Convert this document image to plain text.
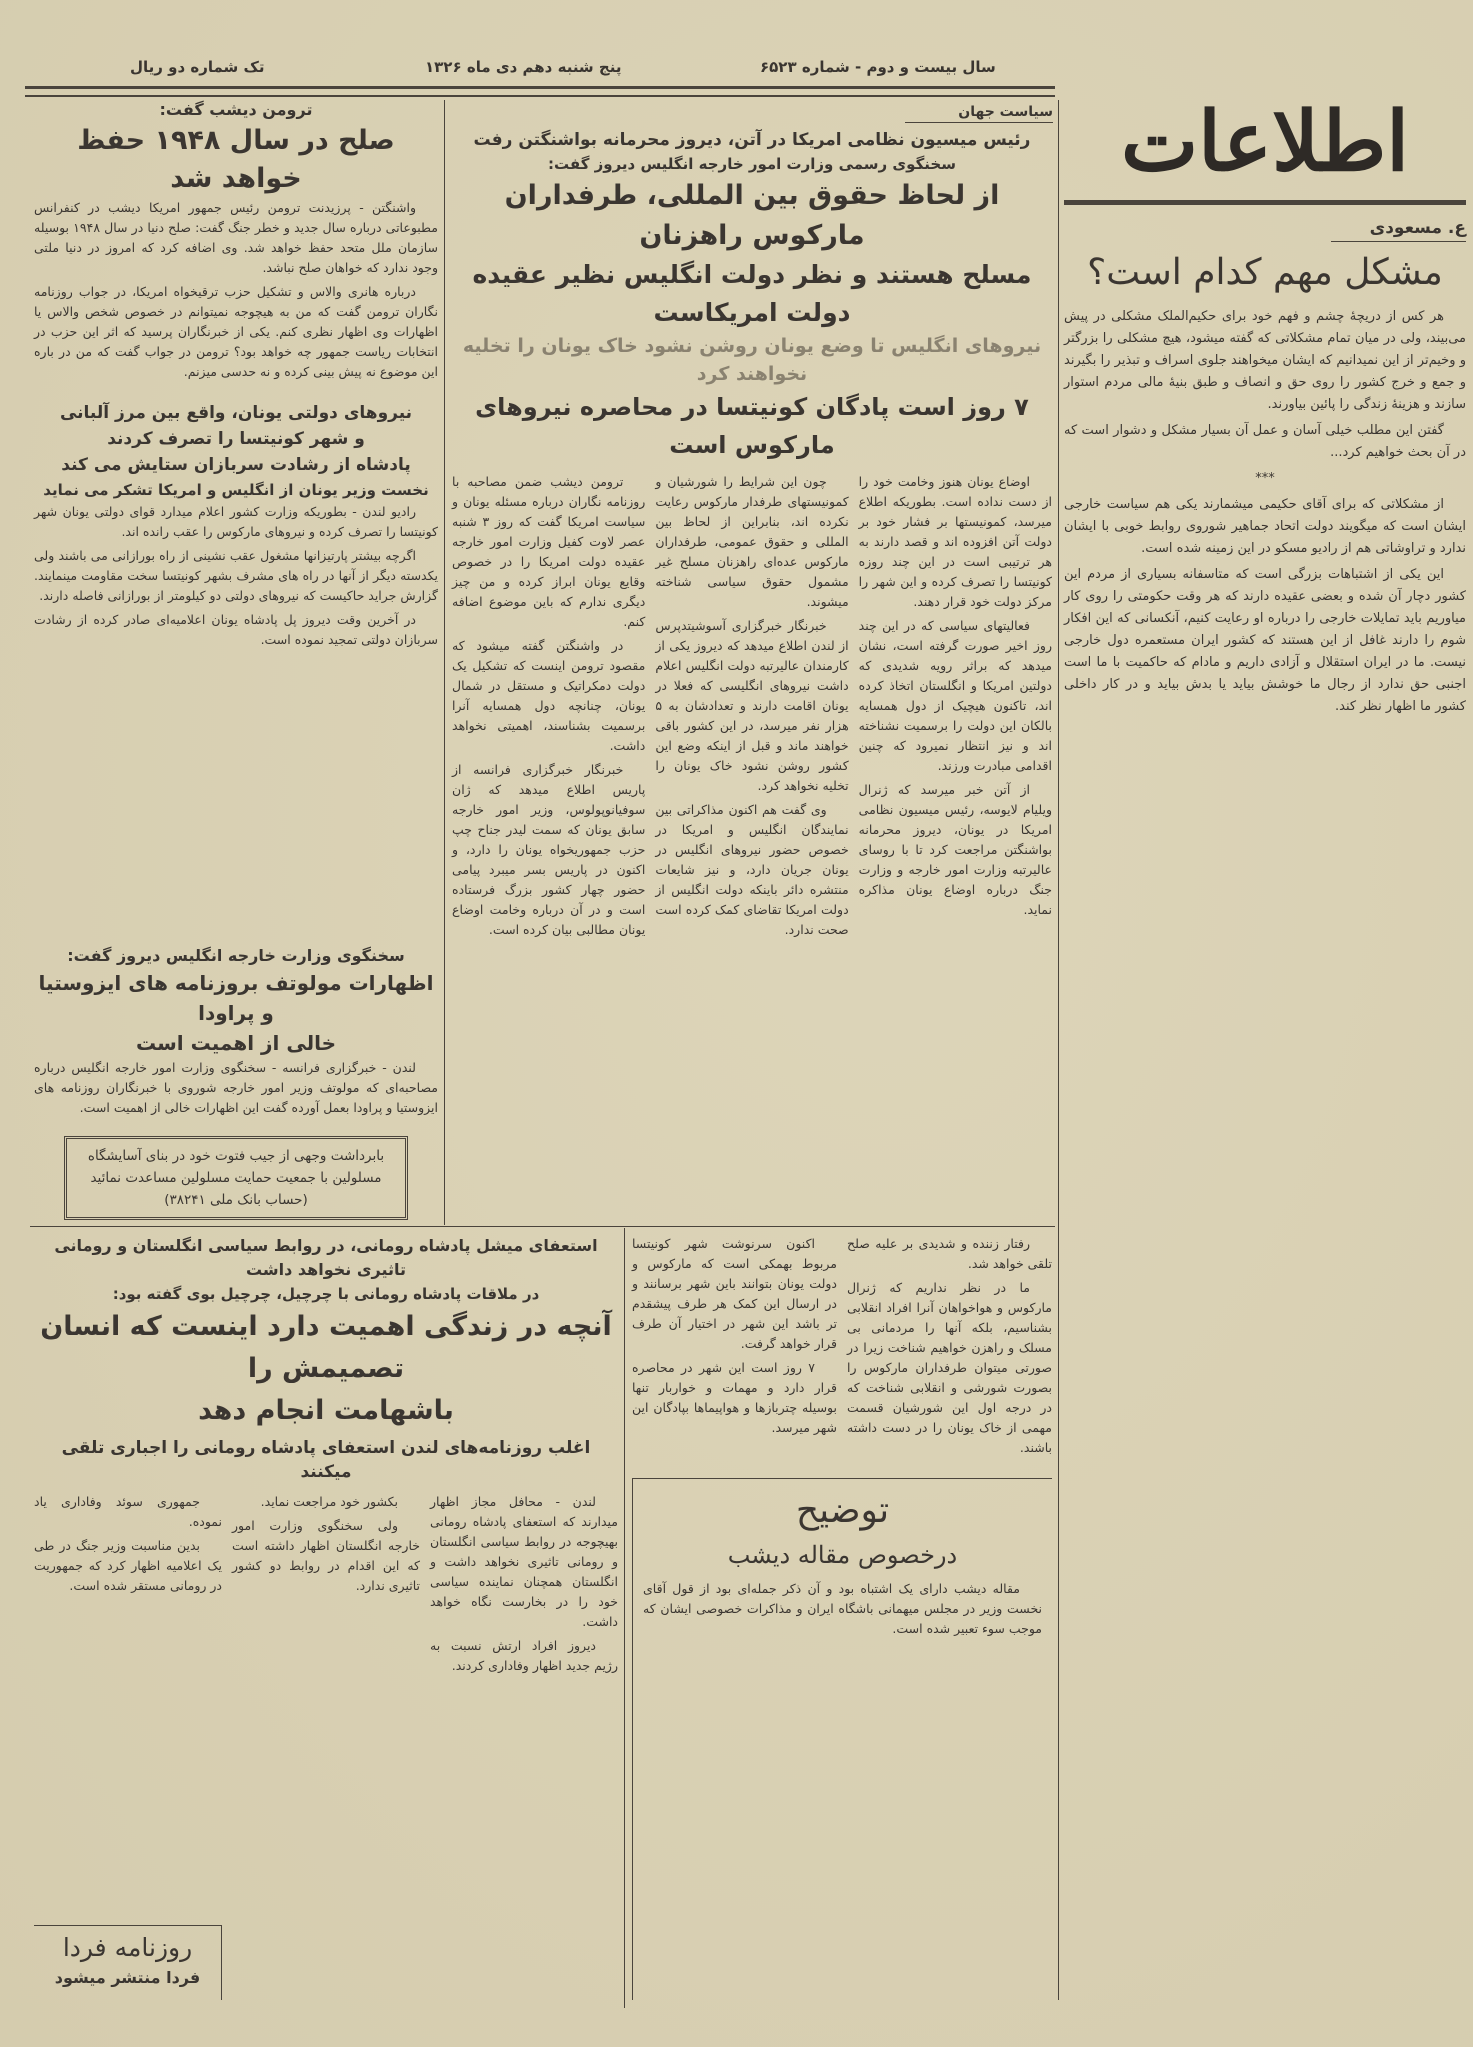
تک شماره دو ریال	پنج شنبه دهم دی ماه ۱۳۲۶	سال بیست و دوم - شماره ۶۵۲۳
اطلاعات
ع. مسعودی
مشکل مهم کدام است؟

هر کس از دریچهٔ چشم و فهم خود برای حکیم‌الملک مشکلی در پیش می‌بیند، ولی در میان تمام مشکلاتی که گفته میشود، هیچ مشکلی را بزرگتر و وخیم‌تر از این نمیدانیم که ایشان میخواهند جلوی اسراف و تبذیر را بگیرند و جمع و خرج کشور را روی حق و انصاف و طبق بنیهٔ مالی مردم استوار سازند و هزینهٔ زندگی را پائین بیاورند.

گفتن این مطلب خیلی آسان و عمل آن بسیار مشکل و دشوار است که در آن بحث خواهیم کرد...

***

از مشکلاتی که برای آقای حکیمی میشمارند یکی هم سیاست خارجی ایشان است که میگویند دولت اتحاد جماهیر شوروی روابط خوبی با ایشان ندارد و تراوشاتی هم از رادیو مسکو در این زمینه شده است.

این یکی از اشتباهات بزرگی است که متاسفانه بسیاری از مردم این کشور دچار آن شده و بعضی عقیده دارند که هر وقت حکومتی را روی کار میاوریم باید تمایلات خارجی را درباره او رعایت کنیم، آنکسانی که این افکار شوم را دارند غافل از این هستند که کشور ایران مستعمره دول خارجی نیست. ما در ایران استقلال و آزادی داریم و مادام که حاکمیت با ما است اجنبی حق ندارد از رجال ما خوشش بیاید یا بدش بیاید و در کار داخلی کشور ما اظهار نظر کند.

ترومن دیشب گفت:
صلح در سال ۱۹۴۸ حفظ خواهد شد

واشنگتن - پرزیدنت ترومن رئیس جمهور امریکا دیشب در کنفرانس مطبوعاتی درباره سال جدید و خطر جنگ گفت: صلح دنیا در سال ۱۹۴۸ بوسیله سازمان ملل متحد حفظ خواهد شد. وی اضافه کرد که امروز در دنیا ملتی وجود ندارد که خواهان صلح نباشد.

درباره هانری والاس و تشکیل حزب ترقیخواه امریکا، در جواب روزنامه نگاران ترومن گفت که من به هیچوجه نمیتوانم در خصوص شخص والاس یا اظهارات وی اظهار نظری کنم. یکی از خبرنگاران پرسید که اثر این حزب در انتخابات ریاست جمهور چه خواهد بود؟ ترومن در جواب گفت که من در باره این موضوع نه پیش بینی کرده و نه حدسی میزنم.

نیروهای دولتی یونان، واقع بین مرز آلبانی
و شهر کونیتسا را تصرف کردند
پادشاه از رشادت سربازان ستایش می کند
نخست وزیر یونان از انگلیس و امریکا تشکر می نماید

رادیو لندن - بطوریکه وزارت کشور اعلام میدارد قوای دولتی یونان شهر کونیتسا را تصرف کرده و نیروهای مارکوس را عقب رانده اند.

اگرچه بیشتر پارتیزانها مشغول عقب نشینی از راه بورازانی می باشند ولی یکدسته دیگر از آنها در راه های مشرف بشهر کونیتسا سخت مقاومت مینمایند. گزارش جراید حاکیست که نیروهای دولتی دو کیلومتر از بورازانی فاصله دارند.

در آخرین وقت دیروز پل پادشاه یونان اعلامیه‌ای صادر کرده از رشادت سربازان دولتی تمجید نموده است.

سخنگوی وزارت خارجه انگلیس دیروز گفت:
اظهارات مولوتف بروزنامه های ایزوستیا و پراودا
خالی از اهمیت است

لندن - خبرگزاری فرانسه - سخنگوی وزارت امور خارجه انگلیس درباره مصاحبه‌ای که مولوتف وزیر امور خارجه شوروی با خبرنگاران روزنامه های ایزوستیا و پراودا بعمل آورده گفت این اظهارات خالی از اهمیت است.

بابرداشت وجهی از جیب فتوت خود در بنای آسایشگاه مسلولین با جمعیت حمایت مسلولین مساعدت نمائید (حساب بانک ملی ۳۸۲۴۱)
سیاست جهان
رئیس میسیون نظامی امریکا در آتن، دیروز محرمانه بواشنگتن رفت
سخنگوی رسمی وزارت امور خارجه انگلیس دیروز گفت:
از لحاظ حقوق بین المللی، طرفداران مارکوس راهزنان
مسلح هستند و نظر دولت انگلیس نظیر عقیده دولت امریکاست
نیروهای انگلیس تا وضع یونان روشن نشود خاک یونان را تخلیه نخواهند کرد
۷ روز است پادگان کونیتسا در محاصره نیروهای مارکوس است

اوضاع یونان هنوز وخامت خود را از دست نداده است. بطوریکه اطلاع میرسد، کمونیستها بر فشار خود بر دولت آتن افزوده اند و قصد دارند به هر ترتیبی است در این چند روزه کونیتسا را تصرف کرده و این شهر را مرکز دولت خود قرار دهند.

فعالیتهای سیاسی که در این چند روز اخیر صورت گرفته است، نشان میدهد که براثر رویه شدیدی که دولتین امریکا و انگلستان اتخاذ کرده اند، تاکنون هیچیک از دول همسایه بالکان این دولت را برسمیت نشناخته اند و نیز انتظار نمیرود که چنین اقدامی مبادرت ورزند.

از آتن خبر میرسد که ژنرال ویلیام لایوسه، رئیس میسیون نظامی امریکا در یونان، دیروز محرمانه بواشنگتن مراجعت کرد تا با روسای عالیرتبه وزارت امور خارجه و وزارت جنگ درباره اوضاع یونان مذاکره نماید.

چون این شرایط را شورشیان و کمونیستهای طرفدار مارکوس رعایت نکرده اند، بنابراین از لحاظ بین المللی و حقوق عمومی، طرفداران مارکوس عده‌ای راهزنان مسلح غیر مشمول حقوق سیاسی شناخته میشوند.

خبرنگار خبرگزاری آسوشیتدپرس از لندن اطلاع میدهد که دیروز یکی از کارمندان عالیرتبه دولت انگلیس اعلام داشت نیروهای انگلیسی که فعلا در یونان اقامت دارند و تعدادشان به ۵ هزار نفر میرسد، در این کشور باقی خواهند ماند و قبل از اینکه وضع این کشور روشن نشود خاک یونان را تخلیه نخواهد کرد.

وی گفت هم اکنون مذاکراتی بین نمایندگان انگلیس و امریکا در خصوص حضور نیروهای انگلیس در یونان جریان دارد، و نیز شایعات منتشره دائر باینکه دولت انگلیس از دولت امریکا تقاضای کمک کرده است صحت ندارد.

ترومن دیشب ضمن مصاحبه با روزنامه نگاران درباره مسئله یونان و سیاست امریکا گفت که روز ۳ شنبه عصر لاوت کفیل وزارت امور خارجه عقیده دولت امریکا را در خصوص وقایع یونان ابراز کرده و من چیز دیگری ندارم که باین موضوع اضافه کنم.

در واشنگتن گفته میشود که مقصود ترومن اینست که تشکیل یک دولت دمکراتیک و مستقل در شمال یونان، چنانچه دول همسایه آنرا برسمیت بشناسند، اهمیتی نخواهد داشت.

خبرنگار خبرگزاری فرانسه از پاریس اطلاع میدهد که ژان سوفیانوپولوس، وزیر امور خارجه سابق یونان که سمت لیدر جناح چپ حزب جمهوریخواه یونان را دارد، و اکنون در پاریس بسر میبرد پیامی حضور چهار کشور بزرگ فرستاده است و در آن درباره وخامت اوضاع یونان مطالبی بیان کرده است.

رفتار زننده و شدیدی بر علیه صلح تلقی خواهد شد.

ما در نظر نداریم که ژنرال مارکوس و هواخواهان آنرا افراد انقلابی بشناسیم، بلکه آنها را مردمانی بی مسلک و راهزن خواهیم شناخت زیرا در صورتی میتوان طرفداران مارکوس را بصورت شورشی و انقلابی شناخت که در درجه اول این شورشیان قسمت مهمی از خاک یونان را در دست داشته باشند.

اکنون سرنوشت شهر کونیتسا مربوط بهمکی است که مارکوس و دولت یونان بتوانند باین شهر برسانند و در ارسال این کمک هر طرف پیشقدم تر باشد این شهر در اختیار آن طرف قرار خواهد گرفت.

۷ روز است این شهر در محاصره قرار دارد و مهمات و خواربار تنها بوسیله چتربازها و هواپیماها بپادگان این شهر میرسد.

توضیح
درخصوص مقاله دیشب

مقاله دیشب دارای یک اشتباه بود و آن ذکر جمله‌ای بود از قول آقای نخست وزیر در مجلس میهمانی باشگاه ایران و مذاکرات خصوصی ایشان که موجب سوء تعبیر شده است.

استعفای میشل پادشاه رومانی، در روابط سیاسی انگلستان و رومانی تاثیری نخواهد داشت
در ملاقات پادشاه رومانی با چرچیل، چرچیل بوی گفته بود:
آنچه در زندگی اهمیت دارد اینست که انسان تصمیمش را
باشهامت انجام دهد
اغلب روزنامه‌های لندن استعفای پادشاه رومانی را اجباری تلقی میکنند

لندن - محافل مجاز اظهار میدارند که استعفای پادشاه رومانی بهیچوجه در روابط سیاسی انگلستان و رومانی تاثیری نخواهد داشت و انگلستان همچنان نماینده سیاسی خود را در بخارست نگاه خواهد داشت.

دیروز افراد ارتش نسبت به رژیم جدید اظهار وفاداری کردند.

بکشور خود مراجعت نماید.

ولی سخنگوی وزارت امور خارجه انگلستان اظهار داشته است که این اقدام در روابط دو کشور تاثیری ندارد.

جمهوری سوئد وفاداری یاد نموده.

بدین مناسبت وزیر جنگ در طی یک اعلامیه اظهار کرد که جمهوریت در رومانی مستقر شده است.

روزنامه فردا
فردا منتشر میشود
